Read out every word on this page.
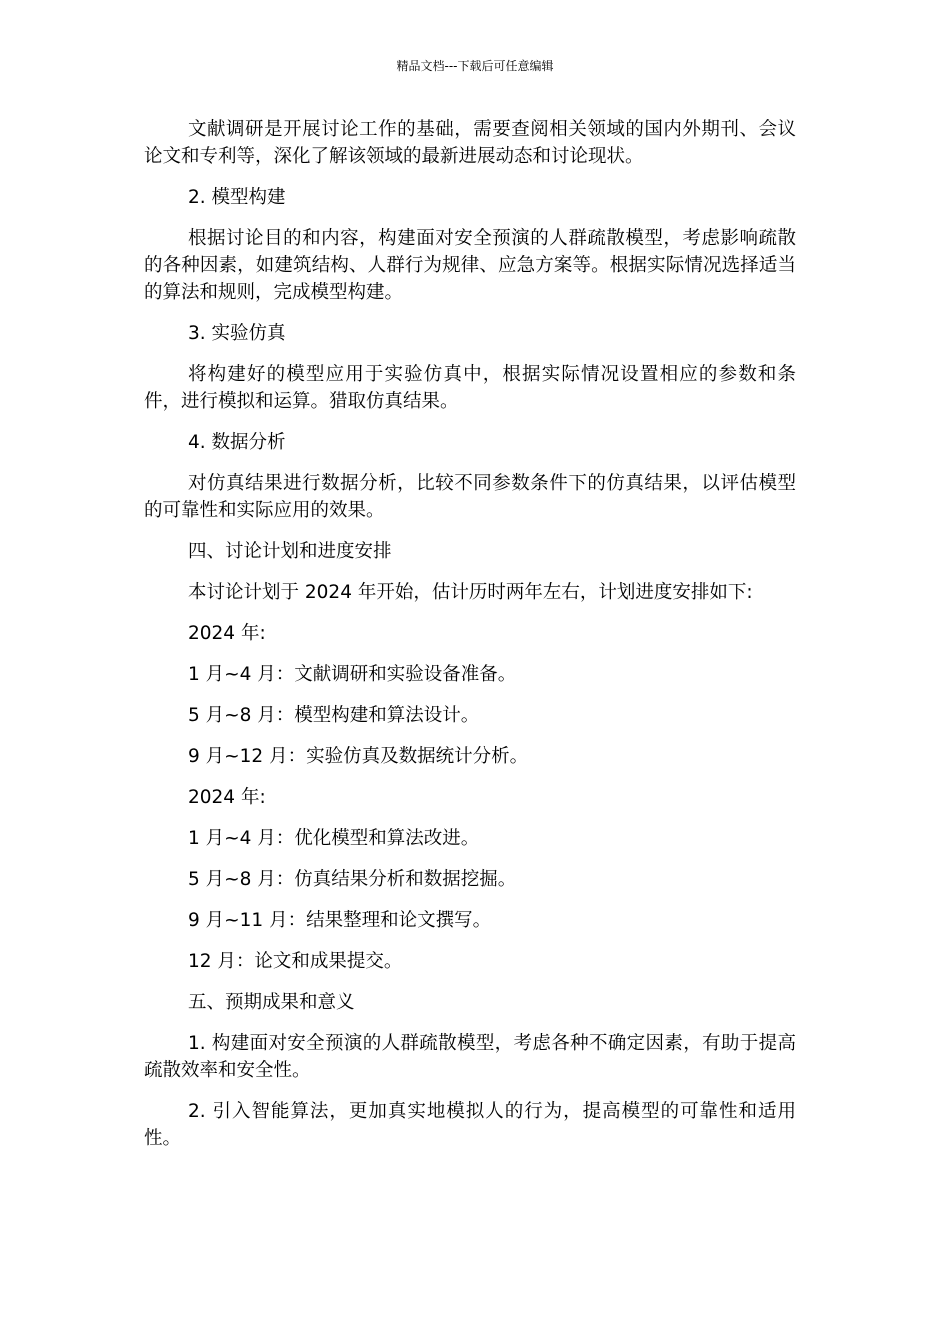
精品文档---下载后可任意编辑

文献调研是开展讨论工作的基础，需要查阅相关领域的国内外期刊、会议论文和专利等，深化了解该领域的最新进展动态和讨论现状。

2. 模型构建

根据讨论目的和内容，构建面对安全预演的人群疏散模型，考虑影响疏散的各种因素，如建筑结构、人群行为规律、应急方案等。根据实际情况选择适当的算法和规则，完成模型构建。

3. 实验仿真

将构建好的模型应用于实验仿真中，根据实际情况设置相应的参数和条件，进行模拟和运算。猎取仿真结果。

4. 数据分析

对仿真结果进行数据分析，比较不同参数条件下的仿真结果，以评估模型的可靠性和实际应用的效果。

四、讨论计划和进度安排

本讨论计划于 2024 年开始，估计历时两年左右，计划进度安排如下:

2024 年:

1 月~4 月：文献调研和实验设备准备。

5 月~8 月：模型构建和算法设计。

9 月~12 月：实验仿真及数据统计分析。

2024 年:

1 月~4 月：优化模型和算法改进。

5 月~8 月：仿真结果分析和数据挖掘。

9 月~11 月：结果整理和论文撰写。

12 月：论文和成果提交。

五、预期成果和意义

1. 构建面对安全预演的人群疏散模型，考虑各种不确定因素，有助于提高疏散效率和安全性。

2. 引入智能算法，更加真实地模拟人的行为，提高模型的可靠性和适用性。
